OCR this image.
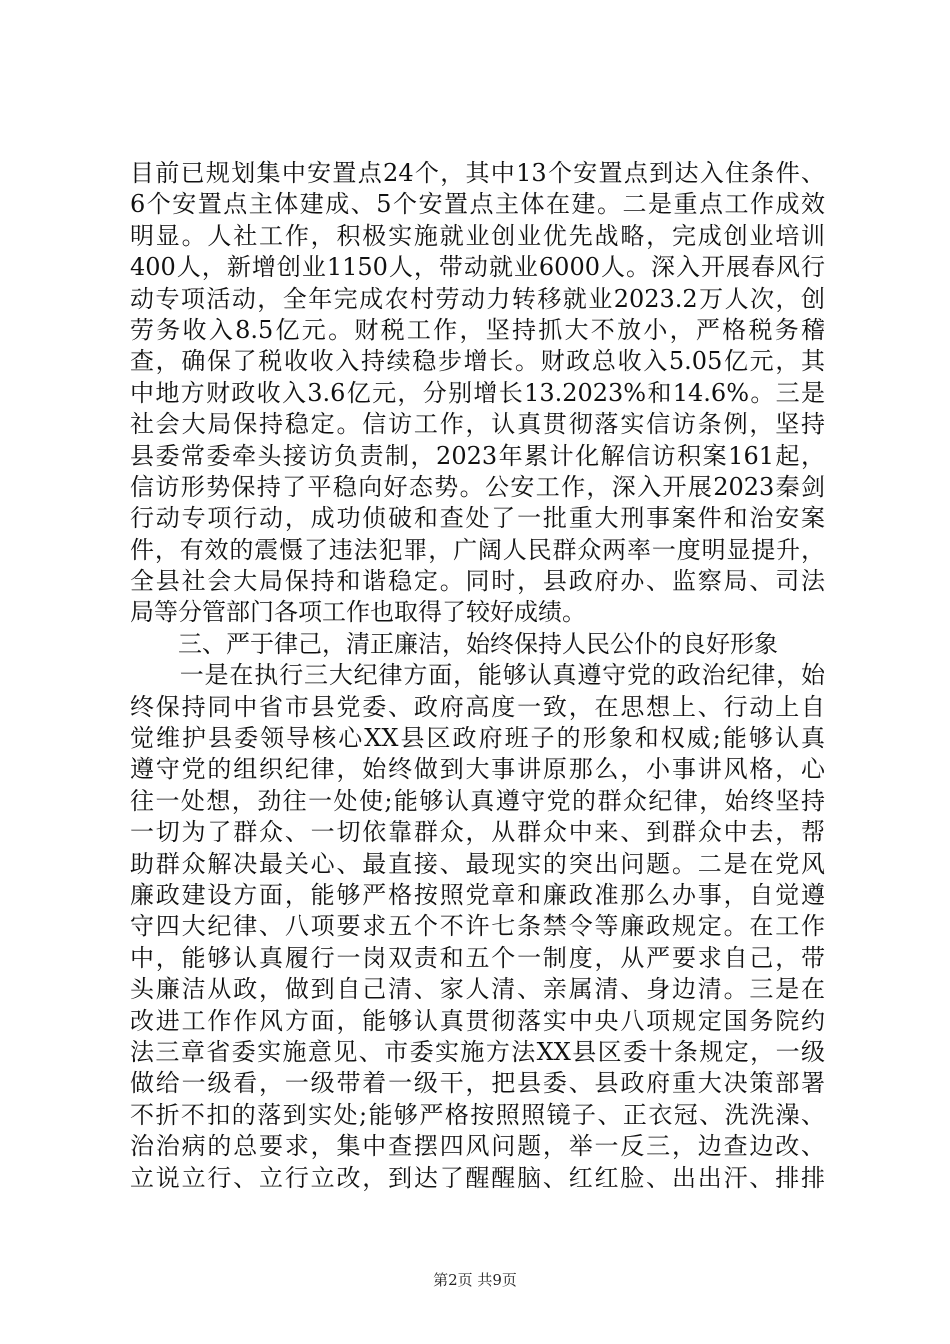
目前已规划集中安置点24个，其中13个安置点到达入住条件、
6个安置点主体建成、5个安置点主体在建。二是重点工作成效
明显。人社工作，积极实施就业创业优先战略，完成创业培训
400人，新增创业1150人，带动就业6000人。深入开展春风行
动专项活动，全年完成农村劳动力转移就业2023.2万人次，创
劳务收入8.5亿元。财税工作，坚持抓大不放小，严格税务稽
查，确保了税收收入持续稳步增长。财政总收入5.05亿元，其
中地方财政收入3.6亿元，分别增长13.2023%和14.6%。三是
社会大局保持稳定。信访工作，认真贯彻落实信访条例，坚持
县委常委牵头接访负责制，2023年累计化解信访积案161起，
信访形势保持了平稳向好态势。公安工作，深入开展2023秦剑
行动专项行动，成功侦破和查处了一批重大刑事案件和治安案
件，有效的震慑了违法犯罪，广阔人民群众两率一度明显提升，
全县社会大局保持和谐稳定。同时，县政府办、监察局、司法
局等分管部门各项工作也取得了较好成绩。
　　三、严于律己，清正廉洁，始终保持人民公仆的良好形象
　　一是在执行三大纪律方面，能够认真遵守党的政治纪律，始
终保持同中省市县党委、政府高度一致，在思想上、行动上自
觉维护县委领导核心XX县区政府班子的形象和权威;能够认真
遵守党的组织纪律，始终做到大事讲原那么，小事讲风格，心
往一处想，劲往一处使;能够认真遵守党的群众纪律，始终坚持
一切为了群众、一切依靠群众，从群众中来、到群众中去，帮
助群众解决最关心、最直接、最现实的突出问题。二是在党风
廉政建设方面，能够严格按照党章和廉政准那么办事，自觉遵
守四大纪律、八项要求五个不许七条禁令等廉政规定。在工作
中，能够认真履行一岗双责和五个一制度，从严要求自己，带
头廉洁从政，做到自己清、家人清、亲属清、身边清。三是在
改进工作作风方面，能够认真贯彻落实中央八项规定国务院约
法三章省委实施意见、市委实施方法XX县区委十条规定，一级
做给一级看，一级带着一级干，把县委、县政府重大决策部署
不折不扣的落到实处;能够严格按照照镜子、正衣冠、洗洗澡、
治治病的总要求，集中查摆四风问题，举一反三，边查边改、
立说立行、立行立改，到达了醒醒脑、红红脸、出出汗、排排
第2页 共9页
